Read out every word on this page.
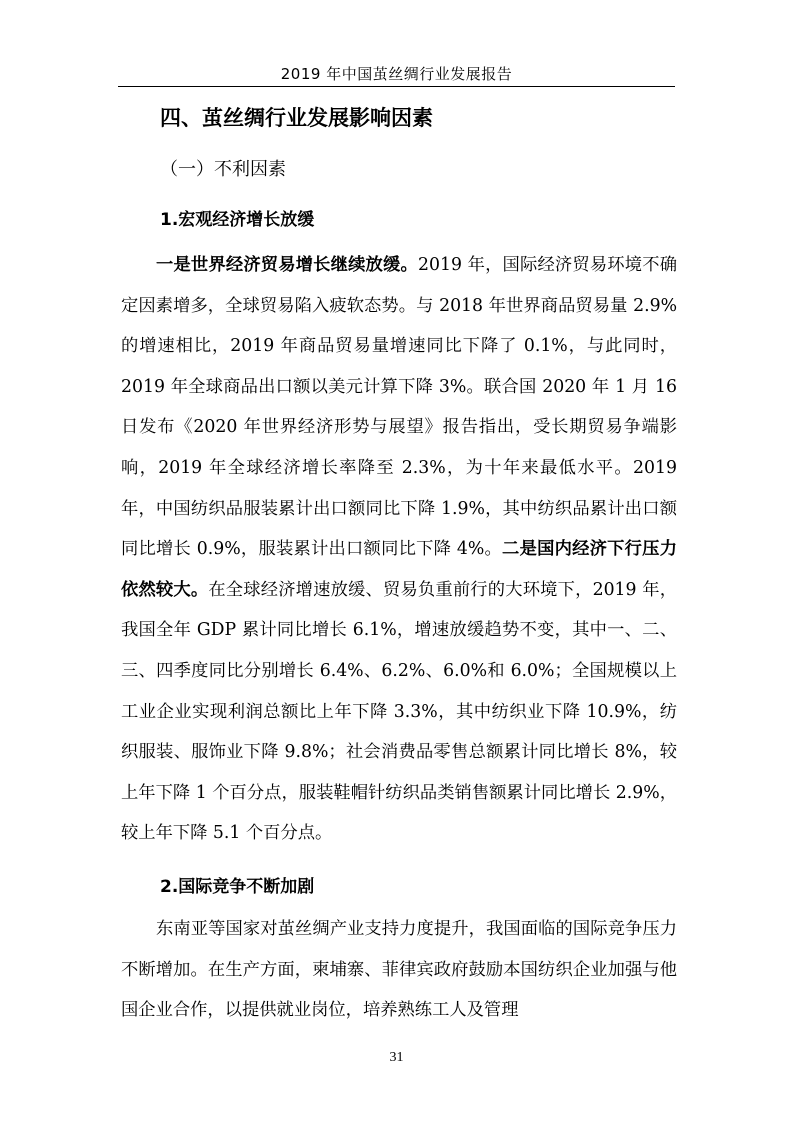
2019 年中国茧丝绸行业发展报告
四、茧丝绸行业发展影响因素
（一）不利因素
1.宏观经济增长放缓
一是世界经济贸易增长继续放缓。2019 年，国际经济贸易环境不确定因素增多，全球贸易陷入疲软态势。与 2018 年世界商品贸易量 2.9%的增速相比，2019 年商品贸易量增速同比下降了 0.1%，与此同时，2019 年全球商品出口额以美元计算下降 3%。联合国 2020 年 1 月 16 日发布《2020 年世界经济形势与展望》报告指出，受长期贸易争端影响，2019 年全球经济增长率降至 2.3%，为十年来最低水平。2019 年，中国纺织品服装累计出口额同比下降 1.9%，其中纺织品累计出口额同比增长 0.9%，服装累计出口额同比下降 4%。二是国内经济下行压力依然较大。在全球经济增速放缓、贸易负重前行的大环境下，2019 年，我国全年 GDP 累计同比增长 6.1%，增速放缓趋势不变，其中一、二、三、四季度同比分别增长 6.4%、6.2%、6.0%和 6.0%；全国规模以上工业企业实现利润总额比上年下降 3.3%，其中纺织业下降 10.9%，纺织服装、服饰业下降 9.8%；社会消费品零售总额累计同比增长 8%，较上年下降 1 个百分点，服装鞋帽针纺织品类销售额累计同比增长 2.9%，较上年下降 5.1 个百分点。
2.国际竞争不断加剧
东南亚等国家对茧丝绸产业支持力度提升，我国面临的国际竞争压力不断增加。在生产方面，柬埔寨、菲律宾政府鼓励本国纺织企业加强与他国企业合作，以提供就业岗位，培养熟练工人及管理
31
